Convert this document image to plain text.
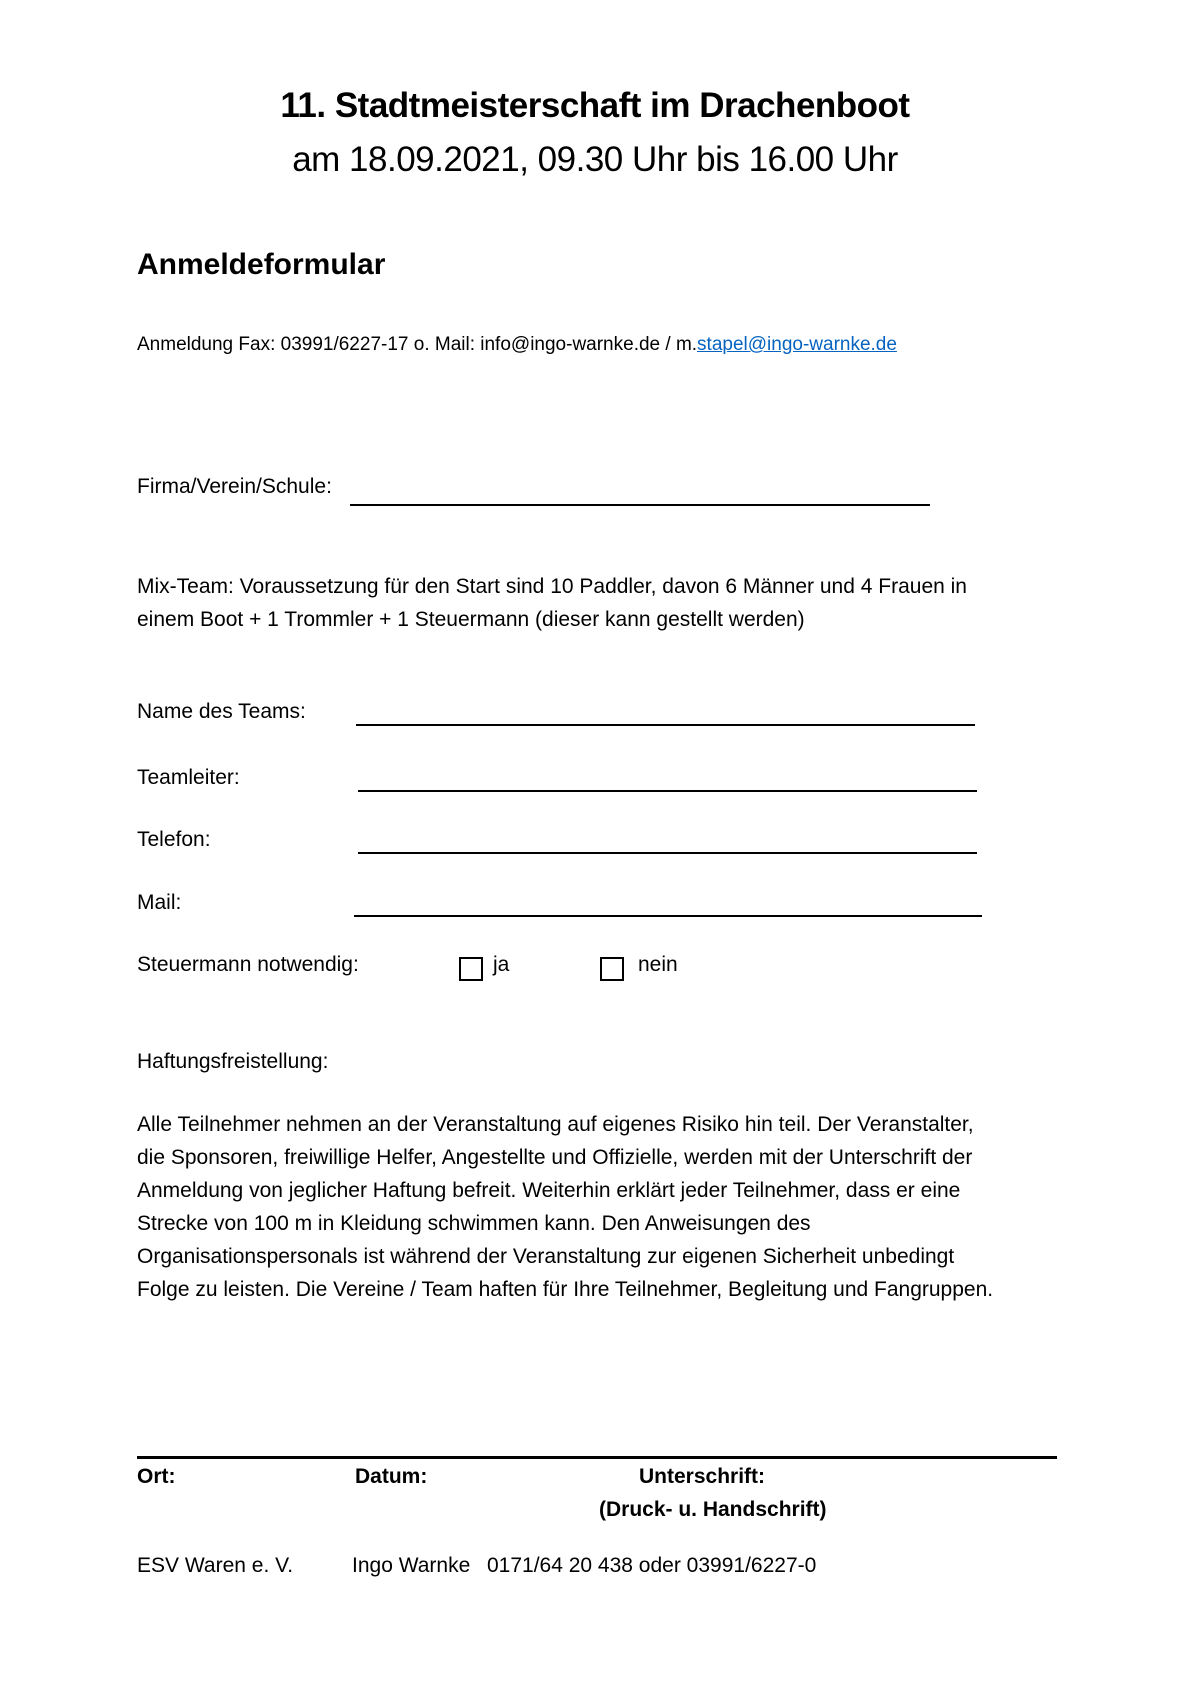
11. Stadtmeisterschaft im Drachenboot
am 18.09.2021, 09.30 Uhr bis 16.00 Uhr
Anmeldeformular
Anmeldung Fax: 03991/6227-17 o. Mail: info@ingo-warnke.de / m.stapel@ingo-warnke.de
Firma/Verein/Schule:
Mix-Team: Voraussetzung für den Start sind 10 Paddler, davon 6 Männer und 4 Frauen in
einem Boot + 1 Trommler + 1 Steuermann (dieser kann gestellt werden)
Name des Teams:
Teamleiter:
Telefon:
Mail:
Steuermann notwendig:	ja	nein
Haftungsfreistellung:
Alle Teilnehmer nehmen an der Veranstaltung auf eigenes Risiko hin teil. Der Veranstalter,
die Sponsoren, freiwillige Helfer, Angestellte und Offizielle, werden mit der Unterschrift der
Anmeldung von jeglicher Haftung befreit. Weiterhin erklärt jeder Teilnehmer, dass er eine
Strecke von 100 m in Kleidung schwimmen kann. Den Anweisungen des
Organisationspersonals ist während der Veranstaltung zur eigenen Sicherheit unbedingt
Folge zu leisten. Die Vereine / Team haften für Ihre Teilnehmer, Begleitung und Fangruppen.
Ort:	Datum:	Unterschrift:
(Druck- u. Handschrift)
ESV Waren e. V.	Ingo Warnke 0171/64 20 438 oder 03991/6227-0
